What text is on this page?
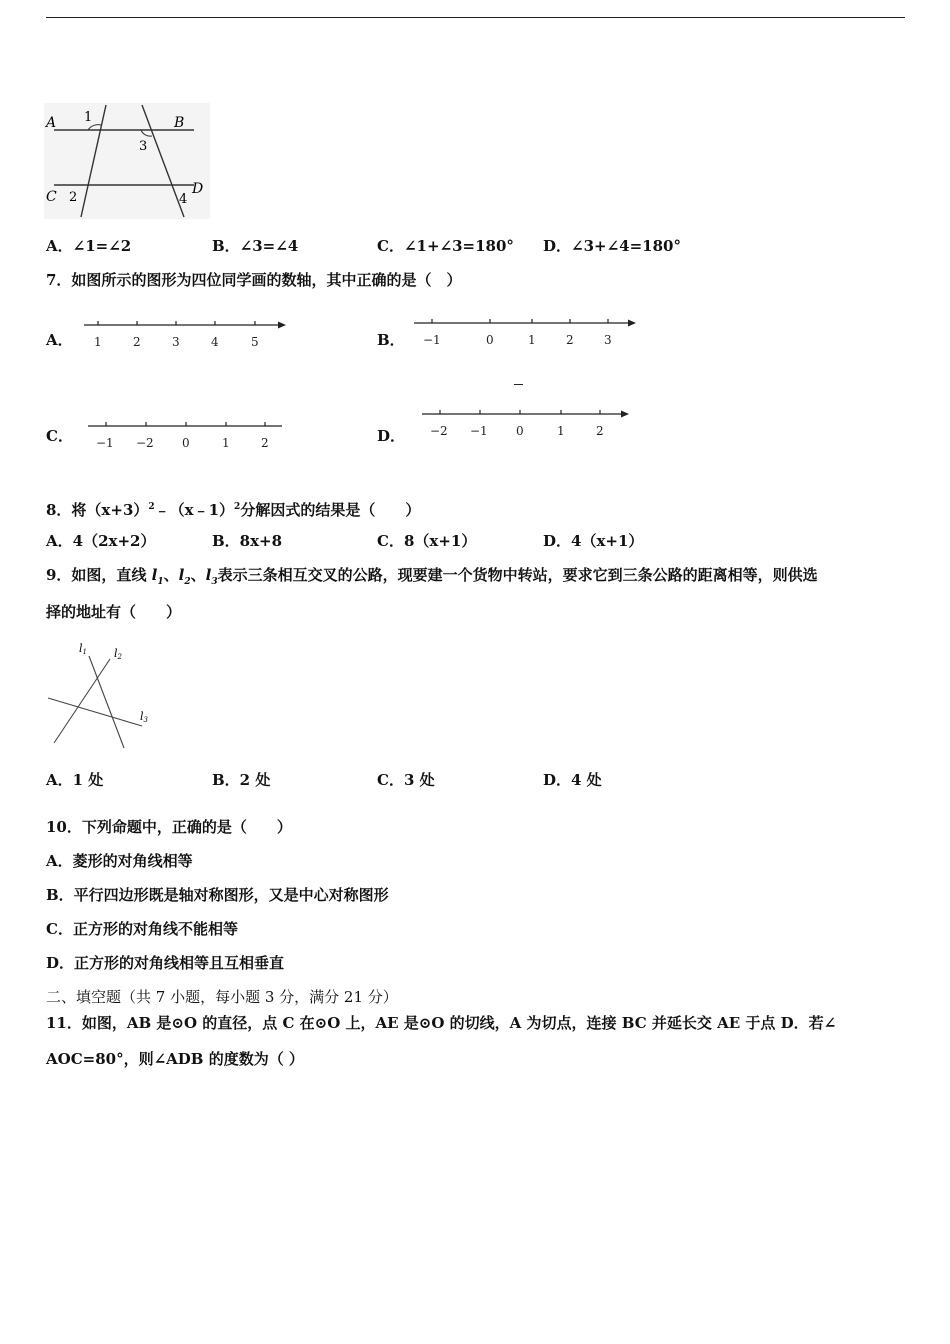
A 1	B
3
C 2
D
4
A．∠1=∠2	B．∠3=∠4	C．∠1+∠3=180° D．∠3+∠4=180°
7．如图所示的图形为四位同学画的数轴，其中正确的是（　）
A． 1	2	3	4	5	B． −1	0	1	2	3
C． −1 −2 0	1	2	D． −2 −1 0	1	2
8．将$(x+3)^2﹣(x﹣1)^2$分解因式的结果是（　　）
A．4（2x+2）	B．8x+8	C．8（x+1）	D．4（x+1）
9．如图，直线 $l_1$、$l_2$、$l_3$表示三条相互交叉的公路，现要建一个货物中转站，要求它到三条公路的距离相等，则供选
择的地址有（　　）
l1 l2
l3
A．1 处	B．2 处	C．3 处	D．4 处
10．下列命题中，正确的是（　　）
A．菱形的对角线相等
B．平行四边形既是轴对称图形，又是中心对称图形
C．正方形的对角线不能相等
D．正方形的对角线相等且互相垂直
二、填空题（共 7 小题，每小题 3 分，满分 21 分）
11．如图，AB 是⊙O 的直径，点 C 在⊙O 上，AE 是⊙O 的切线，A 为切点，连接 BC 并延长交 AE 于点 D．若∠
AOC=80°，则∠ADB 的度数为（ ）
